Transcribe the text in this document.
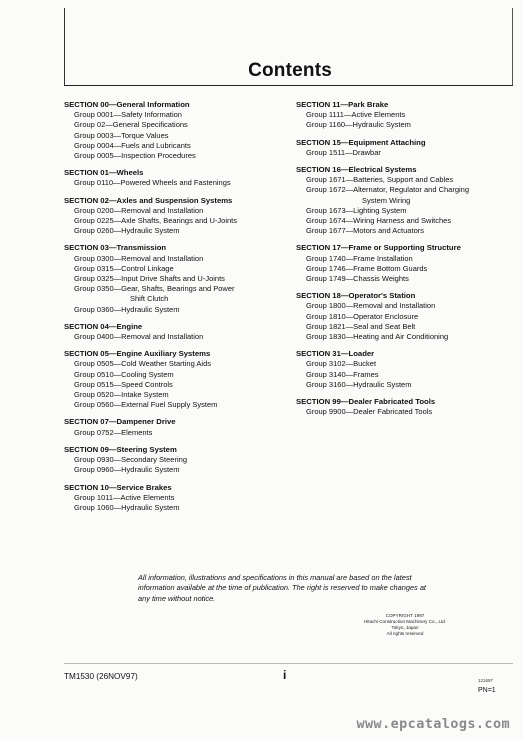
Contents
SECTION 00—General Information
Group 0001—Safety Information
Group 02—General Specifications
Group 0003—Torque Values
Group 0004—Fuels and Lubricants
Group 0005—Inspection Procedures
SECTION 01—Wheels
Group 0110—Powered Wheels and Fastenings
SECTION 02—Axles and Suspension Systems
Group 0200—Removal and Installation
Group 0225—Axle Shafts, Bearings and U-Joints
Group 0260—Hydraulic System
SECTION 03—Transmission
Group 0300—Removal and Installation
Group 0315—Control Linkage
Group 0325—Input Drive Shafts and U-Joints
Group 0350—Gear, Shafts, Bearings and Power
Shift Clutch
Group 0360—Hydraulic System
SECTION 04—Engine
Group 0400—Removal and Installation
SECTION 05—Engine Auxiliary Systems
Group 0505—Cold Weather Starting Aids
Group 0510—Cooling System
Group 0515—Speed Controls
Group 0520—Intake System
Group 0560—External Fuel Supply System
SECTION 07—Dampener Drive
Group 0752—Elements
SECTION 09—Steering System
Group 0930—Secondary Steering
Group 0960—Hydraulic System
SECTION 10—Service Brakes
Group 1011—Active Elements
Group 1060—Hydraulic System
SECTION 11—Park Brake
Group 1111—Active Elements
Group 1160—Hydraulic System
SECTION 15—Equipment Attaching
Group 1511—Drawbar
SECTION 16—Electrical Systems
Group 1671—Batteries, Support and Cables
Group 1672—Alternator, Regulator and Charging
System Wiring
Group 1673—Lighting System
Group 1674—Wiring Harness and Switches
Group 1677—Motors and Actuators
SECTION 17—Frame or Supporting Structure
Group 1740—Frame Installation
Group 1746—Frame Bottom Guards
Group 1749—Chassis Weights
SECTION 18—Operator's Station
Group 1800—Removal and Installation
Group 1810—Operator Enclosure
Group 1821—Seal and Seat Belt
Group 1830—Heating and Air Conditioning
SECTION 31—Loader
Group 3102—Bucket
Group 3140—Frames
Group 3160—Hydraulic System
SECTION 99—Dealer Fabricated Tools
Group 9900—Dealer Fabricated Tools
All information, illustrations and specifications in this manual are based on the latest information available at the time of publication. The right is reserved to make changes at any time without notice.
COPYRIGHT 1997
Hitachi Construction Machinery Co., Ltd.
Tokyo, Japan
All rights reserved
TM1530 (26NOV97)	i	121697
PN=1
www.epcatalogs.com
